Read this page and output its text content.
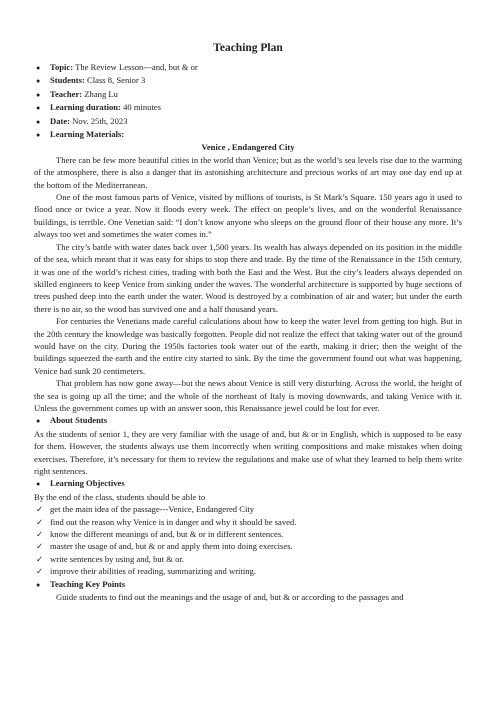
Teaching Plan
●	Topic: The Review Lesson---and, but & or
●	Students: Class 8, Senior 3
●	Teacher: Zhang Lu
●	Learning duration: 40 minutes
●	Date: Nov. 25th, 2023
●	Learning Materials:
Venice , Endangered City

There can be few more beautiful cities in the world than Venice; but as the world’s sea levels rise due to the warming of the atmosphere, there is also a danger that its astonishing architecture and precious works of art may one day end up at the bottom of the Mediterranean.

One of the most famous parts of Venice, visited by millions of tourists, is St Mark’s Square. 150 years ago it used to flood once or twice a year. Now it floods every week. The effect on people’s lives, and on the wonderful Renaissance buildings, is terrible. One Venetian said: “I don’t know anyone who sleeps on the ground floor of their house any more. It’s always too wet and sometimes the water comes in.”

The city’s battle with water dates back over 1,500 years. Its wealth has always depended on its position in the middle of the sea, which meant that it was easy for ships to stop there and trade. By the time of the Renaissance in the 15th century, it was one of the world’s richest cities, trading with both the East and the West. But the city’s leaders always depended on skilled engineers to keep Venice from sinking under the waves. The wonderful architecture is supported by huge sections of trees pushed deep into the earth under the water. Wood is destroyed by a combination of air and water; but under the earth there is no air, so the wood has survived one and a half thousand years.

For centuries the Venetians made careful calculations about how to keep the water level from getting too high. But in the 20th century the knowledge was basically forgotten. People did not realize the effect that taking water out of the ground would have on the city. During the 1950s factories took water out of the earth, making it drier; then the weight of the buildings squeezed the earth and the entire city started to sink. By the time the government found out what was happening, Venice had sunk 20 centimeters.

That problem has now gone away—but the news about Venice is still very disturbing. Across the world, the height of the sea is going up all the time; and the whole of the northeast of Italy is moving downwards, and taking Venice with it. Unless the government comes up with an answer soon, this Renaissance jewel could be lost for ever.

●	About Students

As the students of senior 1, they are very familiar with the usage of and, but & or in English, which is supposed to be easy for them. However, the students always use them incorrectly when writing compositions and make mistakes when doing exercises. Therefore, it’s necessary for them to review the regulations and make use of what they learned to help them write right sentences.

●	Learning Objectives

By the end of the class, students should be able to

✓ get the main idea of the passage---Venice, Endangered City
✓ find out the reason why Venice is in danger and why it should be saved.
✓ know the different meanings of and, but & or in different sentences.
✓ master the usage of and, but & or and apply them into doing exercises.
✓ write sentences by using and, but & or.
✓ improve their abilities of reading, summarizing and writing.
●	Teaching Key Points

Guide students to find out the meanings and the usage of and, but & or according to the passages and
